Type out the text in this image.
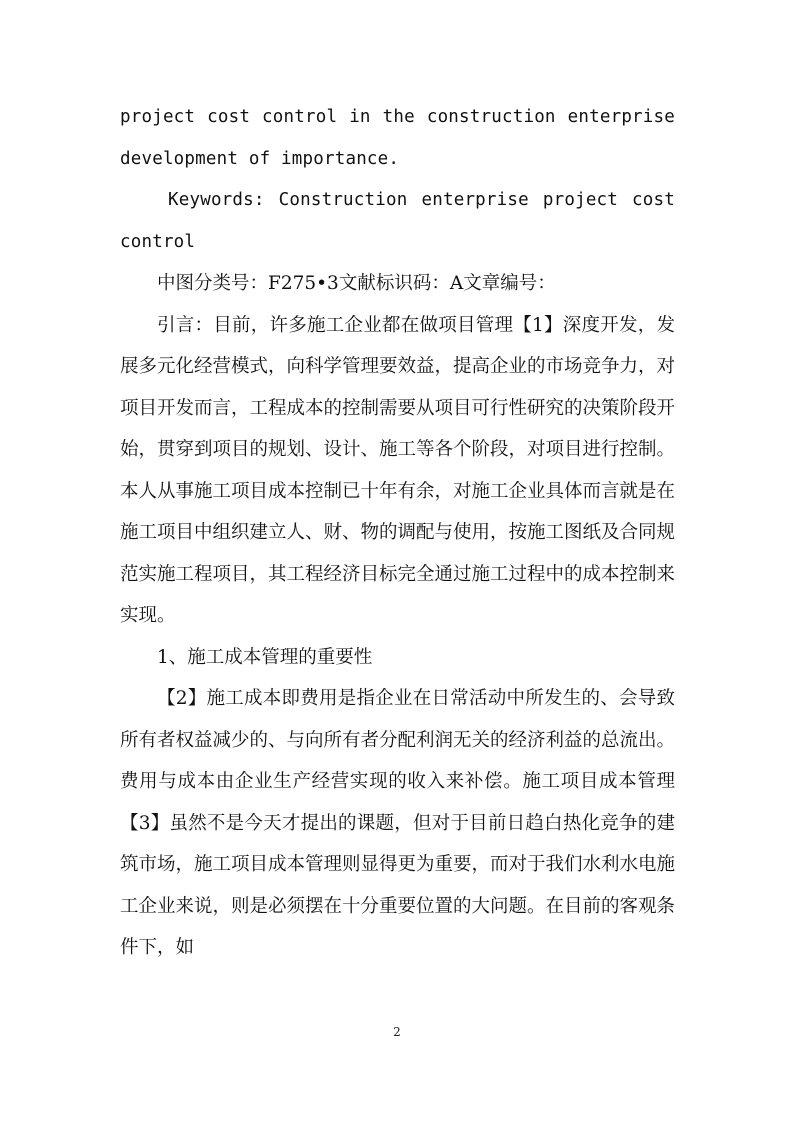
project cost control in the construction enterprise development of importance.

Keywords: Construction enterprise project cost control

中图分类号：F275•3文献标识码：A文章编号：

引言：目前，许多施工企业都在做项目管理【1】深度开发，发展多元化经营模式，向科学管理要效益，提高企业的市场竞争力，对项目开发而言，工程成本的控制需要从项目可行性研究的决策阶段开始，贯穿到项目的规划、设计、施工等各个阶段，对项目进行控制。本人从事施工项目成本控制已十年有余，对施工企业具体而言就是在施工项目中组织建立人、财、物的调配与使用，按施工图纸及合同规范实施工程项目，其工程经济目标完全通过施工过程中的成本控制来实现。

1、施工成本管理的重要性

【2】施工成本即费用是指企业在日常活动中所发生的、会导致所有者权益减少的、与向所有者分配利润无关的经济利益的总流出。费用与成本由企业生产经营实现的收入来补偿。施工项目成本管理【3】虽然不是今天才提出的课题，但对于目前日趋白热化竞争的建筑市场，施工项目成本管理则显得更为重要，而对于我们水利水电施工企业来说，则是必须摆在十分重要位置的大问题。在目前的客观条件下，如

2
